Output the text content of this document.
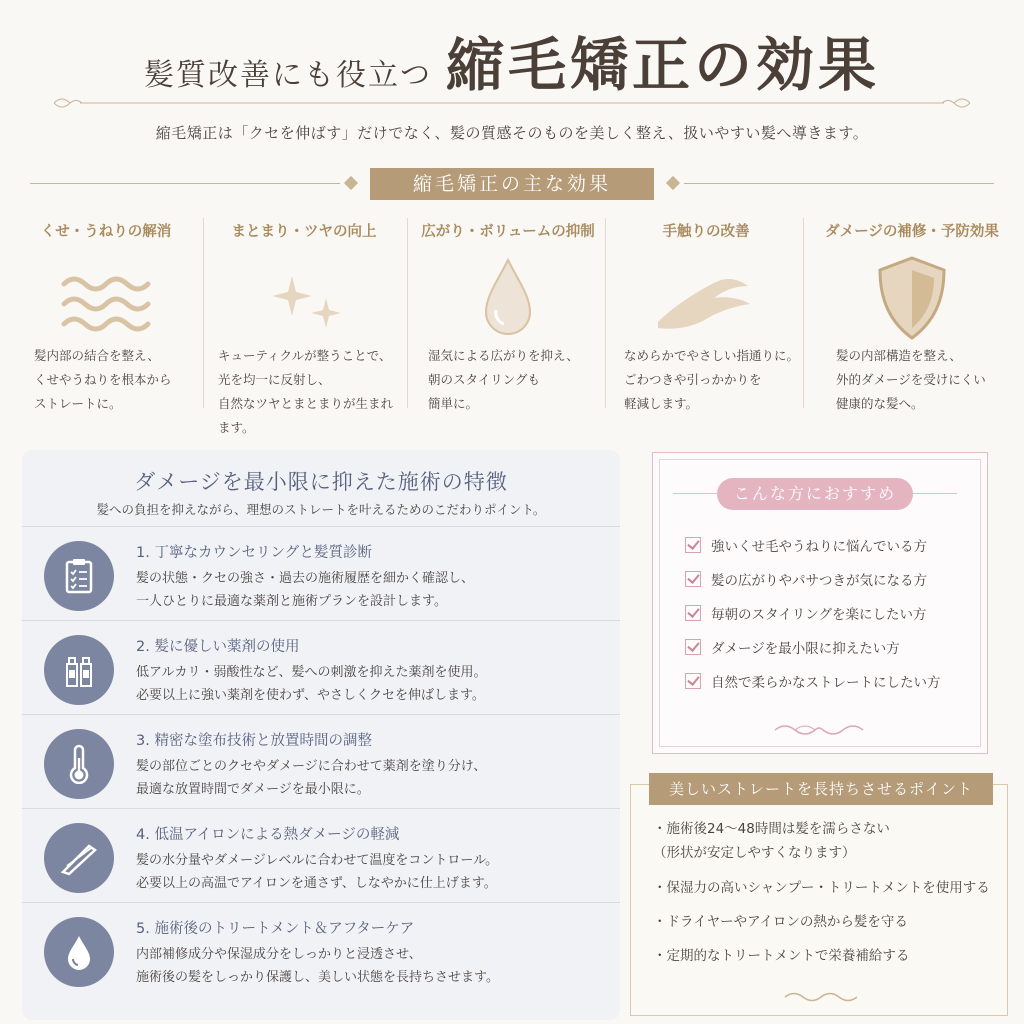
髪質改善にも役立つ 縮毛矯正の効果
縮毛矯正は「クセを伸ばす」だけでなく、髪の質感そのものを美しく整え、扱いやすい髪へ導きます。
縮毛矯正の主な効果
くせ・うねりの解消
髪内部の結合を整え、
くせやうねりを根本から
ストレートに。
まとまり・ツヤの向上
キューティクルが整うことで、
光を均一に反射し、
自然なツヤとまとまりが生まれ
ます。
広がり・ボリュームの抑制
湿気による広がりを抑え、
朝のスタイリングも
簡単に。
手触りの改善
なめらかでやさしい指通りに。
ごわつきや引っかかりを
軽減します。
ダメージの補修・予防効果
髪の内部構造を整え、
外的ダメージを受けにくい
健康的な髪へ。
ダメージを最小限に抑えた施術の特徴
髪への負担を抑えながら、理想のストレートを叶えるためのこだわりポイント。
1. 丁寧なカウンセリングと髪質診断
髪の状態・クセの強さ・過去の施術履歴を細かく確認し、
一人ひとりに最適な薬剤と施術プランを設計します。
2. 髪に優しい薬剤の使用
低アルカリ・弱酸性など、髪への刺激を抑えた薬剤を使用。
必要以上に強い薬剤を使わず、やさしくクセを伸ばします。
3. 精密な塗布技術と放置時間の調整
髪の部位ごとのクセやダメージに合わせて薬剤を塗り分け、
最適な放置時間でダメージを最小限に。
4. 低温アイロンによる熱ダメージの軽減
髪の水分量やダメージレベルに合わせて温度をコントロール。
必要以上の高温でアイロンを通さず、しなやかに仕上げます。
5. 施術後のトリートメント＆アフターケア
内部補修成分や保湿成分をしっかりと浸透させ、
施術後の髪をしっかり保護し、美しい状態を長持ちさせます。
こんな方におすすめ
強いくせ毛やうねりに悩んでいる方
髪の広がりやパサつきが気になる方
毎朝のスタイリングを楽にしたい方
ダメージを最小限に抑えたい方
自然で柔らかなストレートにしたい方
美しいストレートを長持ちさせるポイント
・施術後24〜48時間は髪を濡らさない
（形状が安定しやすくなります）
・保湿力の高いシャンプー・トリートメントを使用する
・ドライヤーやアイロンの熱から髪を守る
・定期的なトリートメントで栄養補給する
